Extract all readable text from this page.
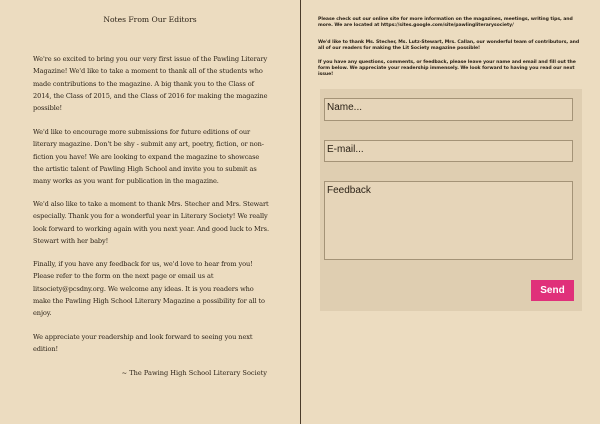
Notes From Our Editors

We're so excited to bring you our very first issue of the Pawling Literary Magazine! We'd like to take a moment to thank all of the students who made contributions to the magazine. A big thank you to the Class of 2014, the Class of 2015, and the Class of 2016 for making the magazine possible!

We'd like to encourage more submissions for future editions of our literary magazine. Don't be shy - submit any art, poetry, fiction, or non-fiction you have! We are looking to expand the magazine to showcase the artistic talent of Pawling High School and invite you to submit as many works as you want for publication in the magazine.

We'd also like to take a moment to thank Mrs. Stecher and Mrs. Stewart especially. Thank you for a wonderful year in Literary Society! We really look forward to working again with you next year. And good luck to Mrs. Stewart with her baby!

Finally, if you have any feedback for us, we'd love to hear from you! Please refer to the form on the next page or email us at litsociety@pcsdny.org. We welcome any ideas. It is you readers who make the Pawling High School Literary Magazine a possibility for all to enjoy.

We appreciate your readership and look forward to seeing you next edition!

~ The Pawing High School Literary Society

Please check out our online site for more information on the magazines, meetings, writing tips, and more. We are located at https://sites.google.com/site/pawlingliterarysociety/

We'd like to thank Ms. Stecher, Ms. Lutz-Stewart, Mrs. Callan, our wonderful team of contributors, and all of our readers for making the Lit Society magazine possible!

If you have any questions, comments, or feedback, please leave your name and email and fill out the form below. We appreciate your readership immensely. We look forward to having you read our next issue!

Name...
E-mail...
Feedback
Send
